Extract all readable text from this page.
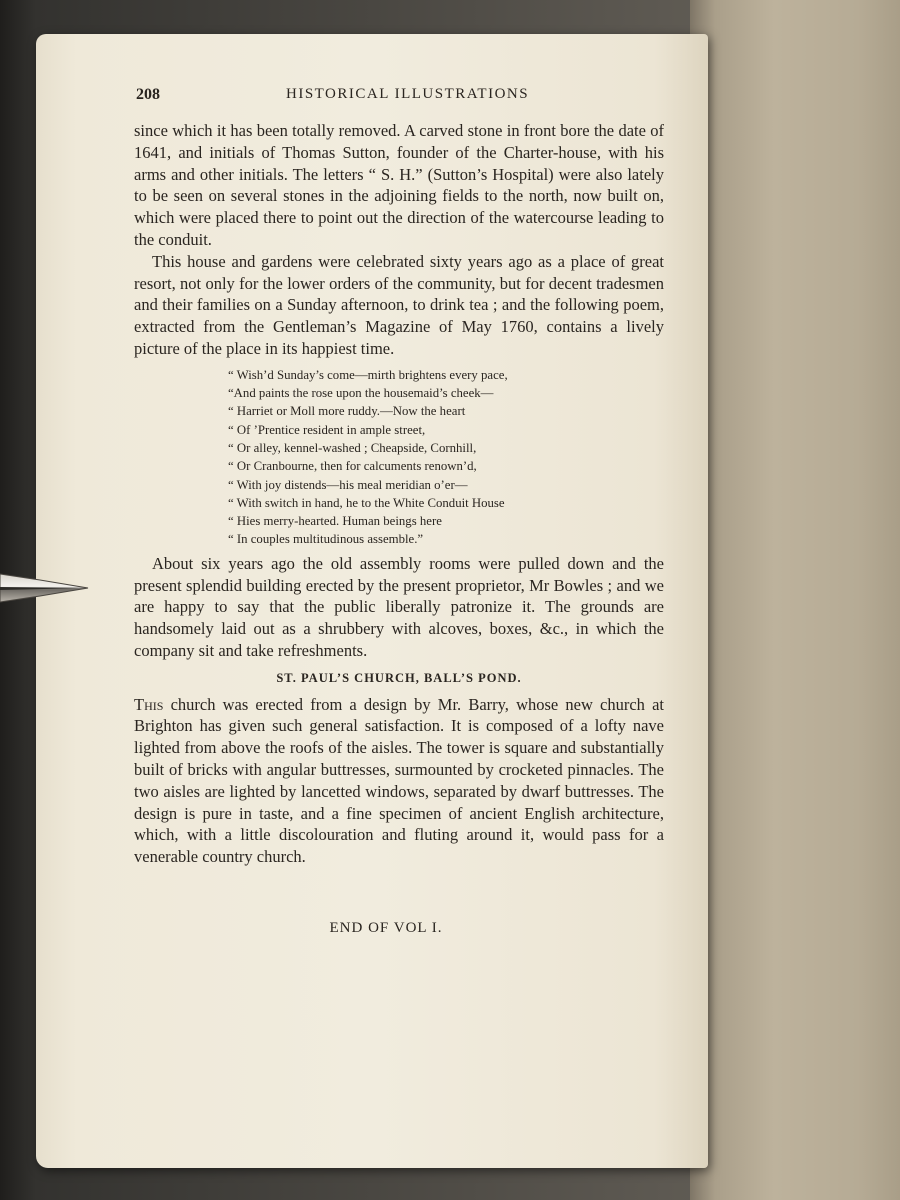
208	HISTORICAL ILLUSTRATIONS

since which it has been totally removed. A carved stone in front bore the date of 1641, and initials of Thomas Sutton, founder of the Charter-house, with his arms and other initials. The letters “ S. H.” (Sutton’s Hospital) were also lately to be seen on several stones in the adjoining fields to the north, now built on, which were placed there to point out the direction of the watercourse leading to the conduit.

This house and gardens were celebrated sixty years ago as a place of great resort, not only for the lower orders of the community, but for decent tradesmen and their families on a Sunday afternoon, to drink tea ; and the following poem, extracted from the Gentleman’s Magazine of May 1760, contains a lively picture of the place in its happiest time.

“ Wish’d Sunday’s come—mirth brightens every pace,
“And paints the rose upon the housemaid’s cheek—
“ Harriet or Moll more ruddy.—Now the heart
“ Of ’Prentice resident in ample street,
“ Or alley, kennel-washed ; Cheapside, Cornhill,
“ Or Cranbourne, then for calcuments renown’d,
“ With joy distends—his meal meridian o’er—
“ With switch in hand, he to the White Conduit House
“ Hies merry-hearted. Human beings here
“ In couples multitudinous assemble.”

About six years ago the old assembly rooms were pulled down and the present splendid building erected by the present proprietor, Mr Bowles ; and we are happy to say that the public liberally patronize it. The grounds are handsomely laid out as a shrubbery with alcoves, boxes, &c., in which the company sit and take refreshments.

ST. PAUL’S CHURCH, BALL’S POND.

This church was erected from a design by Mr. Barry, whose new church at Brighton has given such general satisfaction. It is composed of a lofty nave lighted from above the roofs of the aisles. The tower is square and substantially built of bricks with angular buttresses, surmounted by crocketed pinnacles. The two aisles are lighted by lancetted windows, separated by dwarf buttresses. The design is pure in taste, and a fine specimen of ancient English architecture, which, with a little discolouration and fluting around it, would pass for a venerable country church.

END OF VOL I.
